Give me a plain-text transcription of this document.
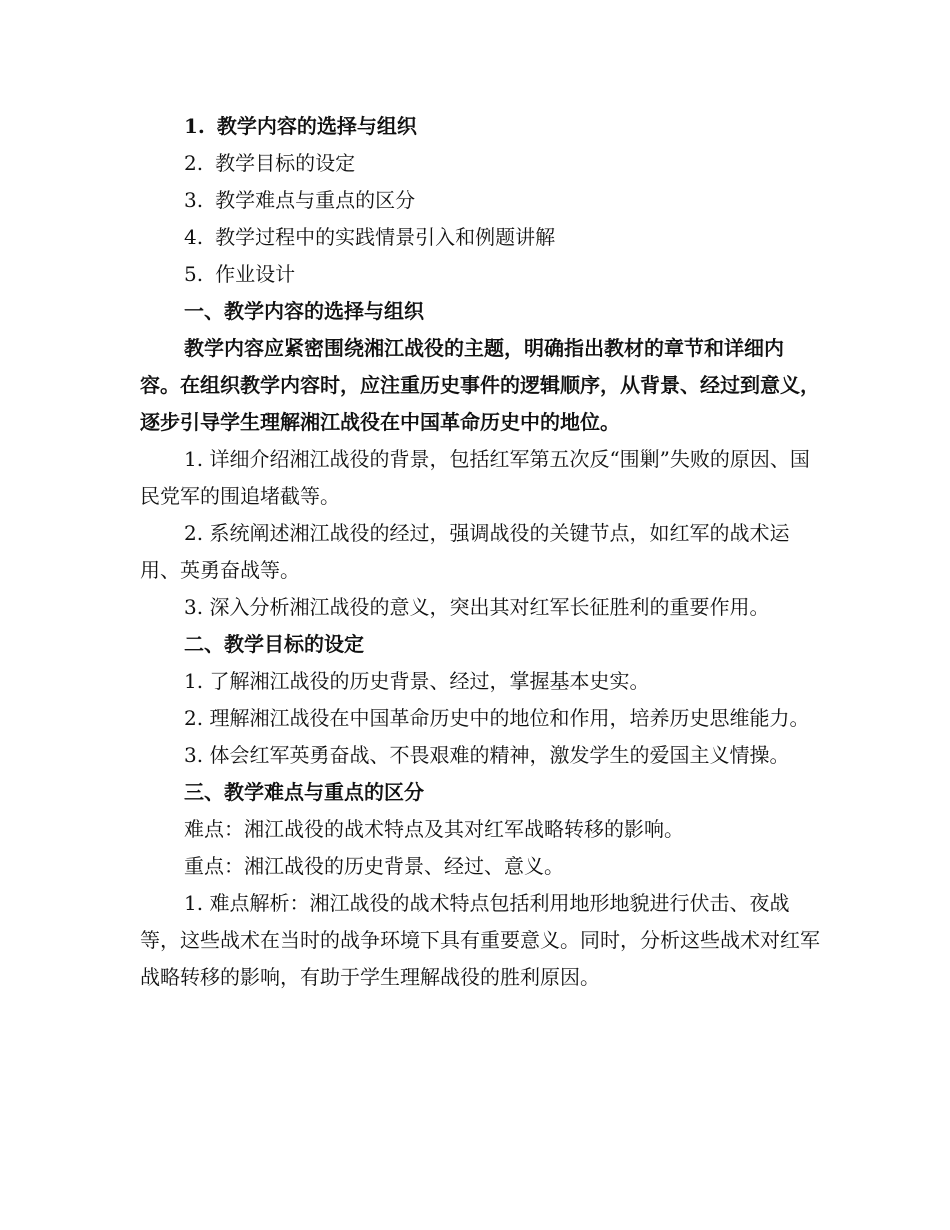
1. 教学内容的选择与组织

2. 教学目标的设定

3. 教学难点与重点的区分

4. 教学过程中的实践情景引入和例题讲解

5. 作业设计

一、教学内容的选择与组织

教学内容应紧密围绕湘江战役的主题，明确指出教材的章节和详细内容。在组织教学内容时，应注重历史事件的逻辑顺序，从背景、经过到意义，逐步引导学生理解湘江战役在中国革命历史中的地位。

1. 详细介绍湘江战役的背景，包括红军第五次反“围剿”失败的原因、国民党军的围追堵截等。

2. 系统阐述湘江战役的经过，强调战役的关键节点，如红军的战术运用、英勇奋战等。

3. 深入分析湘江战役的意义，突出其对红军长征胜利的重要作用。

二、教学目标的设定

1. 了解湘江战役的历史背景、经过，掌握基本史实。

2. 理解湘江战役在中国革命历史中的地位和作用，培养历史思维能力。

3. 体会红军英勇奋战、不畏艰难的精神，激发学生的爱国主义情操。

三、教学难点与重点的区分

难点：湘江战役的战术特点及其对红军战略转移的影响。

重点：湘江战役的历史背景、经过、意义。

1. 难点解析：湘江战役的战术特点包括利用地形地貌进行伏击、夜战等，这些战术在当时的战争环境下具有重要意义。同时，分析这些战术对红军战略转移的影响，有助于学生理解战役的胜利原因。
